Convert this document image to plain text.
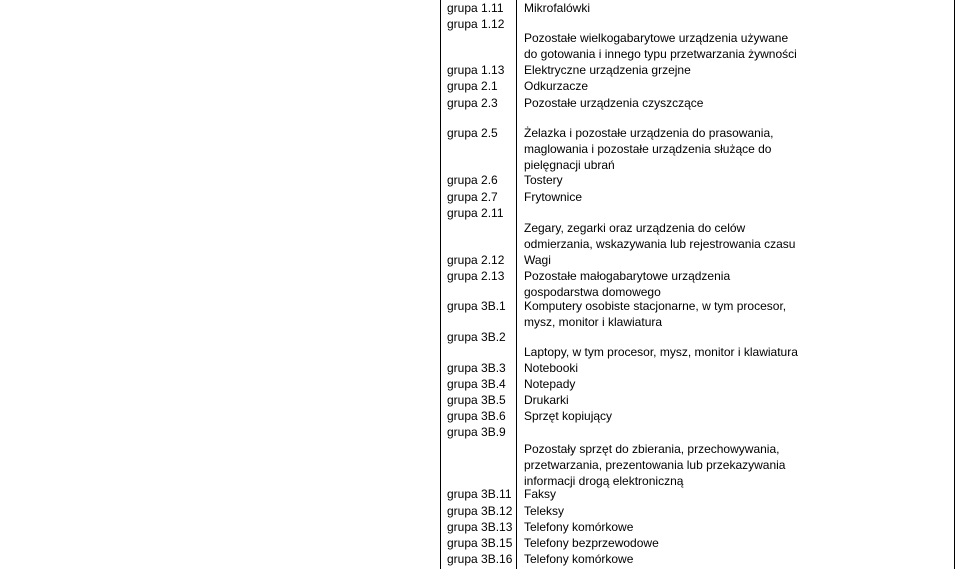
grupa 1.11
grupa 1.12
grupa 1.13
grupa 2.1
grupa 2.3
grupa 2.5
grupa 2.6
grupa 2.7
grupa 2.11
grupa 2.12
grupa 2.13
grupa 3B.1
grupa 3B.2
grupa 3B.3
grupa 3B.4
grupa 3B.5
grupa 3B.6
grupa 3B.9
grupa 3B.11
grupa 3B.12
grupa 3B.13
grupa 3B.15
grupa 3B.16
Mikrofalówki
Pozostałe wielkogabarytowe urządzenia używane
do gotowania i innego typu przetwarzania żywności
Elektryczne urządzenia grzejne
Odkurzacze
Pozostałe urządzenia czyszczące
Żelazka i pozostałe urządzenia do prasowania,
maglowania i pozostałe urządzenia służące do
pielęgnacji ubrań
Tostery
Frytownice
Zegary, zegarki oraz urządzenia do celów
odmierzania, wskazywania lub rejestrowania czasu
Wagi
Pozostałe małogabarytowe urządzenia
gospodarstwa domowego
Komputery osobiste stacjonarne, w tym procesor,
mysz, monitor i klawiatura
Laptopy, w tym procesor, mysz, monitor i klawiatura
Notebooki
Notepady
Drukarki
Sprzęt kopiujący
Pozostały sprzęt do zbierania, przechowywania,
przetwarzania, prezentowania lub przekazywania
informacji drogą elektroniczną
Faksy
Teleksy
Telefony komórkowe
Telefony bezprzewodowe
Telefony komórkowe
